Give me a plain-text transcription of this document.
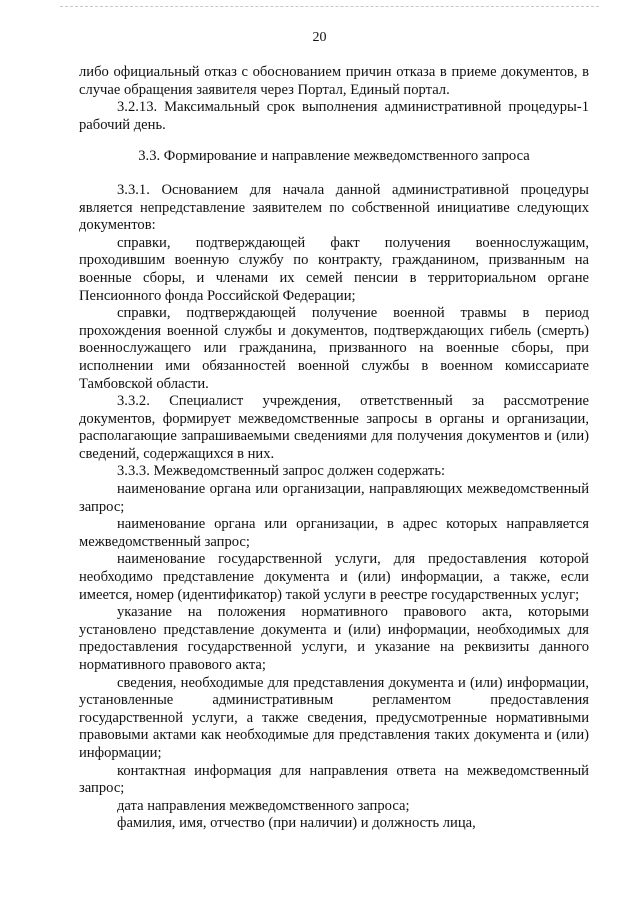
20

либо официальный отказ с обоснованием причин отказа в приеме документов, в случае обращения заявителя через Портал, Единый портал.

3.2.13. Максимальный срок выполнения административной процедуры-1 рабочий день.

3.3. Формирование и направление межведомственного запроса

3.3.1. Основанием для начала данной административной процедуры является непредставление заявителем по собственной инициативе следующих документов:

справки, подтверждающей факт получения военнослужащим, проходившим военную службу по контракту, гражданином, призванным на военные сборы, и членами их семей пенсии в территориальном органе Пенсионного фонда Российской Федерации;

справки, подтверждающей получение военной травмы в период прохождения военной службы и документов, подтверждающих гибель (смерть) военнослужащего или гражданина, призванного на военные сборы, при исполнении ими обязанностей военной службы в военном комиссариате Тамбовской области.

3.3.2. Специалист учреждения, ответственный за рассмотрение документов, формирует межведомственные запросы в органы и организации, располагающие запрашиваемыми сведениями для получения документов и (или) сведений, содержащихся в них.

3.3.3. Межведомственный запрос должен содержать:

наименование органа или организации, направляющих межведомственный запрос;

наименование органа или организации, в адрес которых направляется межведомственный запрос;

наименование государственной услуги, для предоставления которой необходимо представление документа и (или) информации, а также, если имеется, номер (идентификатор) такой услуги в реестре государственных услуг;

указание на положения нормативного правового акта, которыми установлено представление документа и (или) информации, необходимых для предоставления государственной услуги, и указание на реквизиты данного нормативного правового акта;

сведения, необходимые для представления документа и (или) информации, установленные административным регламентом предоставления государственной услуги, а также сведения, предусмотренные нормативными правовыми актами как необходимые для представления таких документа и (или) информации;

контактная информация для направления ответа на межведомственный запрос;

дата направления межведомственного запроса;

фамилия, имя, отчество (при наличии) и должность лица,
